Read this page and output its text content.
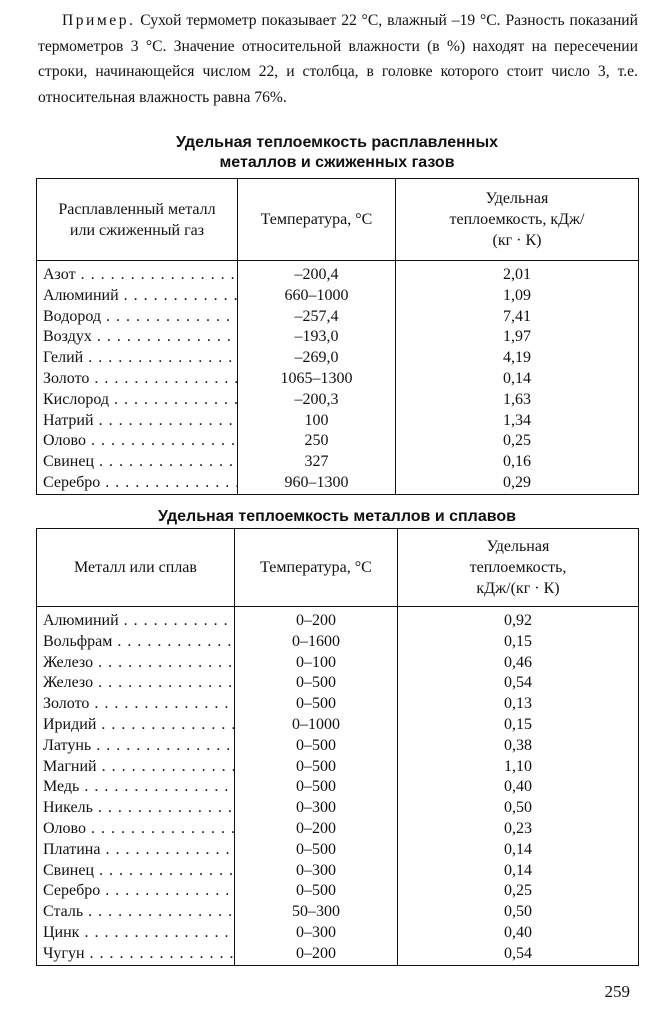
Пример. Сухой термометр показывает 22 °С, влажный –19 °С. Разность показаний термометров 3 °С. Значение относительной влажности (в %) находят на пересечении строки, начинающейся числом 22, и столбца, в головке которого стоит число 3, т.е. относительная влажность равна 76%.
Удельная теплоемкость расплавленных
металлов и сжиженных газов
Расплавленный металл или сжиженный газ	Температура, °С	Удельная теплоемкость, кДж/ (кг · К)
Азот . . .	–200,4	2,01
Алюминий . . .	660–1000	1,09
Водород . . .	–257,4	7,41
Воздух . . .	–193,0	1,97
Гелий . . .	–269,0	4,19
Золото . . .	1065–1300	0,14
Кислород . . .	–200,3	1,63
Натрий . . .	100	1,34
Олово . . .	250	0,25
Свинец . . .	327	0,16
Серебро . . .	960–1300	0,29
Удельная теплоемкость металлов и сплавов
Металл или сплав	Температура, °С	Удельная теплоемкость, кДж/(кг · К)
Алюминий . . .	0–200	0,92
Вольфрам . . .	0–1600	0,15
Железо . . .	0–100	0,46
Железо . . .	0–500	0,54
Золото . . .	0–500	0,13
Иридий . . .	0–1000	0,15
Латунь . . .	0–500	0,38
Магний . . .	0–500	1,10
Медь . . .	0–500	0,40
Никель . . .	0–300	0,50
Олово . . .	0–200	0,23
Платина . . .	0–500	0,14
Свинец . . .	0–300	0,14
Серебро . . .	0–500	0,25
Сталь . . .	50–300	0,50
Цинк . . .	0–300	0,40
Чугун . . .	0–200	0,54
259
